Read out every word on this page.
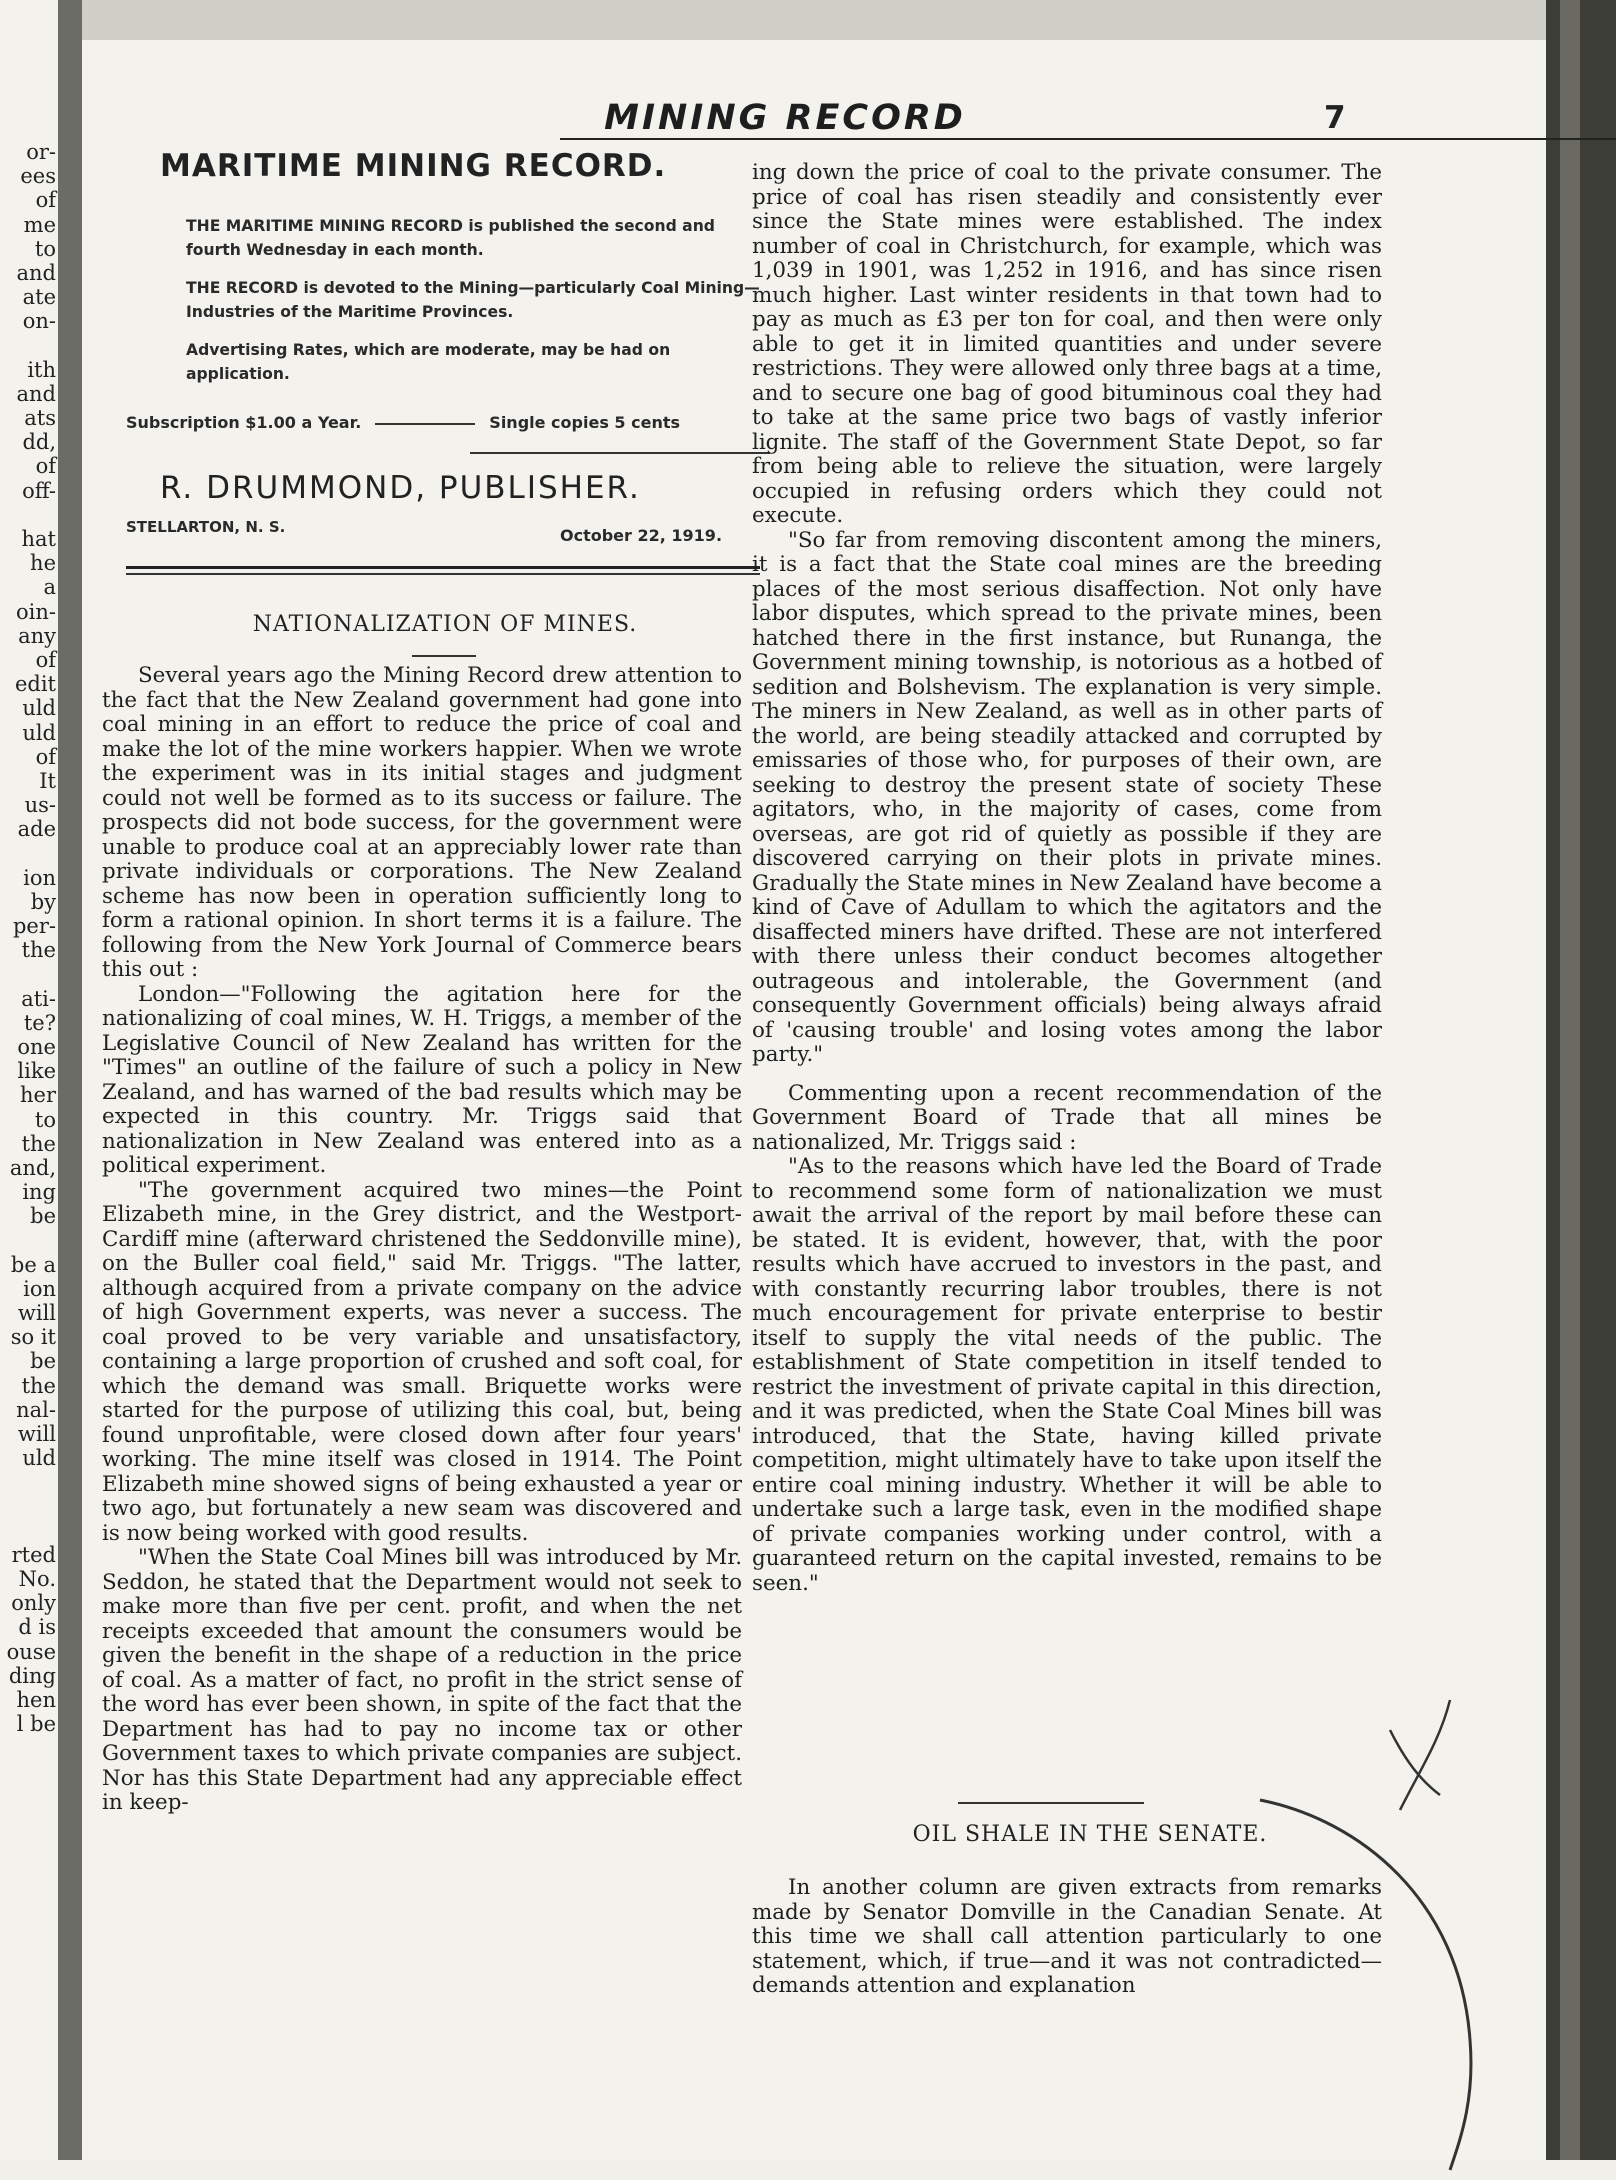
or-
ees
of
me
to
and
ate
on-
ith
and
ats
dd,
of
off-
hat
he
a
oin-
any
of
edit
uld
uld
of
It
us-
ade
ion
by
per-
the
ati-
te?
one
like
her
to
the
and,
ing
be
be a
ion
will
so it
be
the
nal-
will
uld
rted
No.
only
d is
ouse
ding
hen
l be
MINING RECORD	7
MARITIME MINING RECORD.
THE MARITIME MINING RECORD is published the second and fourth Wednesday in each month.
THE RECORD is devoted to the Mining—particularly Coal Mining—Industries of the Maritime Provinces.
Advertising Rates, which are moderate, may be had on application.
Subscription $1.00 a Year.	Single copies 5 cents
R. DRUMMOND, PUBLISHER.
STELLARTON, N. S.	October 22, 1919.
NATIONALIZATION OF MINES.

Several years ago the Mining Record drew attention to the fact that the New Zealand government had gone into coal mining in an effort to reduce the price of coal and make the lot of the mine workers happier. When we wrote the experiment was in its initial stages and judgment could not well be formed as to its success or failure. The prospects did not bode success, for the government were unable to produce coal at an appreciably lower rate than private individuals or corporations. The New Zealand scheme has now been in operation sufficiently long to form a rational opinion. In short terms it is a failure. The following from the New York Journal of Commerce bears this out :

London—"Following the agitation here for the nationalizing of coal mines, W. H. Triggs, a member of the Legislative Council of New Zealand has written for the "Times" an outline of the failure of such a policy in New Zealand, and has warned of the bad results which may be expected in this country. Mr. Triggs said that nationalization in New Zealand was entered into as a political experiment.

"The government acquired two mines—the Point Elizabeth mine, in the Grey district, and the Westport-Cardiff mine (afterward christened the Seddonville mine), on the Buller coal field," said Mr. Triggs. "The latter, although acquired from a private company on the advice of high Government experts, was never a success. The coal proved to be very variable and unsatisfactory, containing a large proportion of crushed and soft coal, for which the demand was small. Briquette works were started for the purpose of utilizing this coal, but, being found unprofitable, were closed down after four years' working. The mine itself was closed in 1914. The Point Elizabeth mine showed signs of being exhausted a year or two ago, but fortunately a new seam was discovered and is now being worked with good results.

"When the State Coal Mines bill was introduced by Mr. Seddon, he stated that the Department would not seek to make more than five per cent. profit, and when the net receipts exceeded that amount the consumers would be given the benefit in the shape of a reduction in the price of coal. As a matter of fact, no profit in the strict sense of the word has ever been shown, in spite of the fact that the Department has had to pay no income tax or other Government taxes to which private companies are subject. Nor has this State Department had any appreciable effect in keep-

ing down the price of coal to the private consumer. The price of coal has risen steadily and consistently ever since the State mines were established. The index number of coal in Christchurch, for example, which was 1,039 in 1901, was 1,252 in 1916, and has since risen much higher. Last winter residents in that town had to pay as much as £3 per ton for coal, and then were only able to get it in limited quantities and under severe restrictions. They were allowed only three bags at a time, and to secure one bag of good bituminous coal they had to take at the same price two bags of vastly inferior lignite. The staff of the Government State Depot, so far from being able to relieve the situation, were largely occupied in refusing orders which they could not execute.

"So far from removing discontent among the miners, it is a fact that the State coal mines are the breeding places of the most serious disaffection. Not only have labor disputes, which spread to the private mines, been hatched there in the first instance, but Runanga, the Government mining township, is notorious as a hotbed of sedition and Bolshevism. The explanation is very simple. The miners in New Zealand, as well as in other parts of the world, are being steadily attacked and corrupted by emissaries of those who, for purposes of their own, are seeking to destroy the present state of society These agitators, who, in the majority of cases, come from overseas, are got rid of quietly as possible if they are discovered carrying on their plots in private mines. Gradually the State mines in New Zealand have become a kind of Cave of Adullam to which the agitators and the disaffected miners have drifted. These are not interfered with there unless their conduct becomes altogether outrageous and intolerable, the Government (and consequently Government officials) being always afraid of 'causing trouble' and losing votes among the labor party."

Commenting upon a recent recommendation of the Government Board of Trade that all mines be nationalized, Mr. Triggs said :

"As to the reasons which have led the Board of Trade to recommend some form of nationalization we must await the arrival of the report by mail before these can be stated. It is evident, however, that, with the poor results which have accrued to investors in the past, and with constantly recurring labor troubles, there is not much encouragement for private enterprise to bestir itself to supply the vital needs of the public. The establishment of State competition in itself tended to restrict the investment of private capital in this direction, and it was predicted, when the State Coal Mines bill was introduced, that the State, having killed private competition, might ultimately have to take upon itself the entire coal mining industry. Whether it will be able to undertake such a large task, even in the modified shape of private companies working under control, with a guaranteed return on the capital invested, remains to be seen."

OIL SHALE IN THE SENATE.

In another column are given extracts from remarks made by Senator Domville in the Canadian Senate. At this time we shall call attention particularly to one statement, which, if true—and it was not contradicted—demands attention and explanation
